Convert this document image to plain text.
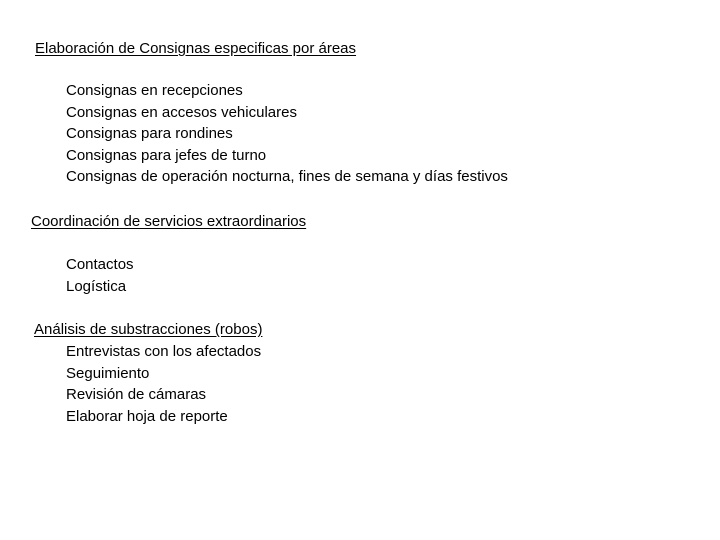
Elaboración de Consignas especificas por áreas
Consignas en recepciones
Consignas en accesos vehiculares
Consignas para rondines
Consignas para jefes de turno
Consignas de operación nocturna, fines de semana y días festivos
Coordinación de servicios extraordinarios
Contactos
Logística
Análisis de substracciones (robos)
Entrevistas con los afectados
Seguimiento
Revisión de cámaras
Elaborar hoja de reporte
